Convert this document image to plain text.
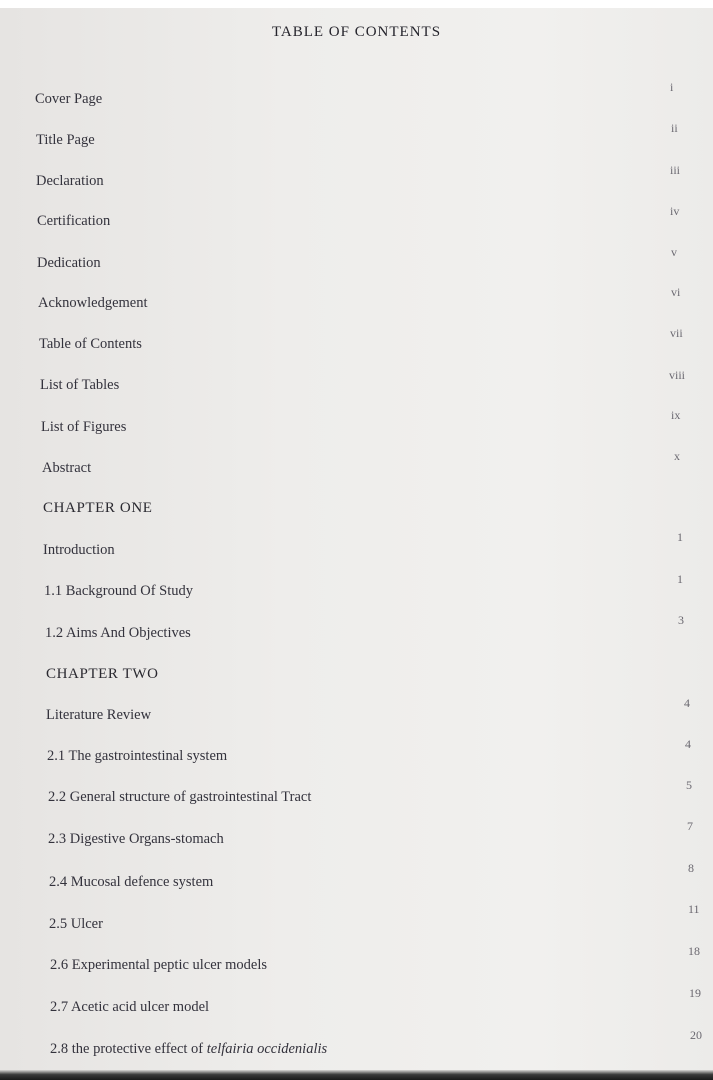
TABLE OF CONTENTS
Cover Page
i
Title Page
ii
Declaration
iii
Certification
iv
Dedication
v
Acknowledgement
vi
Table of Contents
vii
List of Tables
viii
List of Figures
ix
Abstract
x
CHAPTER ONE
Introduction
1
1.1 Background Of Study
1
1.2 Aims And Objectives
3
CHAPTER TWO
Literature Review
4
2.1 The gastrointestinal system
4
2.2 General structure of gastrointestinal Tract
5
2.3 Digestive Organs-stomach
7
2.4 Mucosal defence system
8
2.5 Ulcer
11
2.6 Experimental peptic ulcer models
18
2.7 Acetic acid ulcer model
19
2.8 the protective effect of telfairia occidenialis
20
